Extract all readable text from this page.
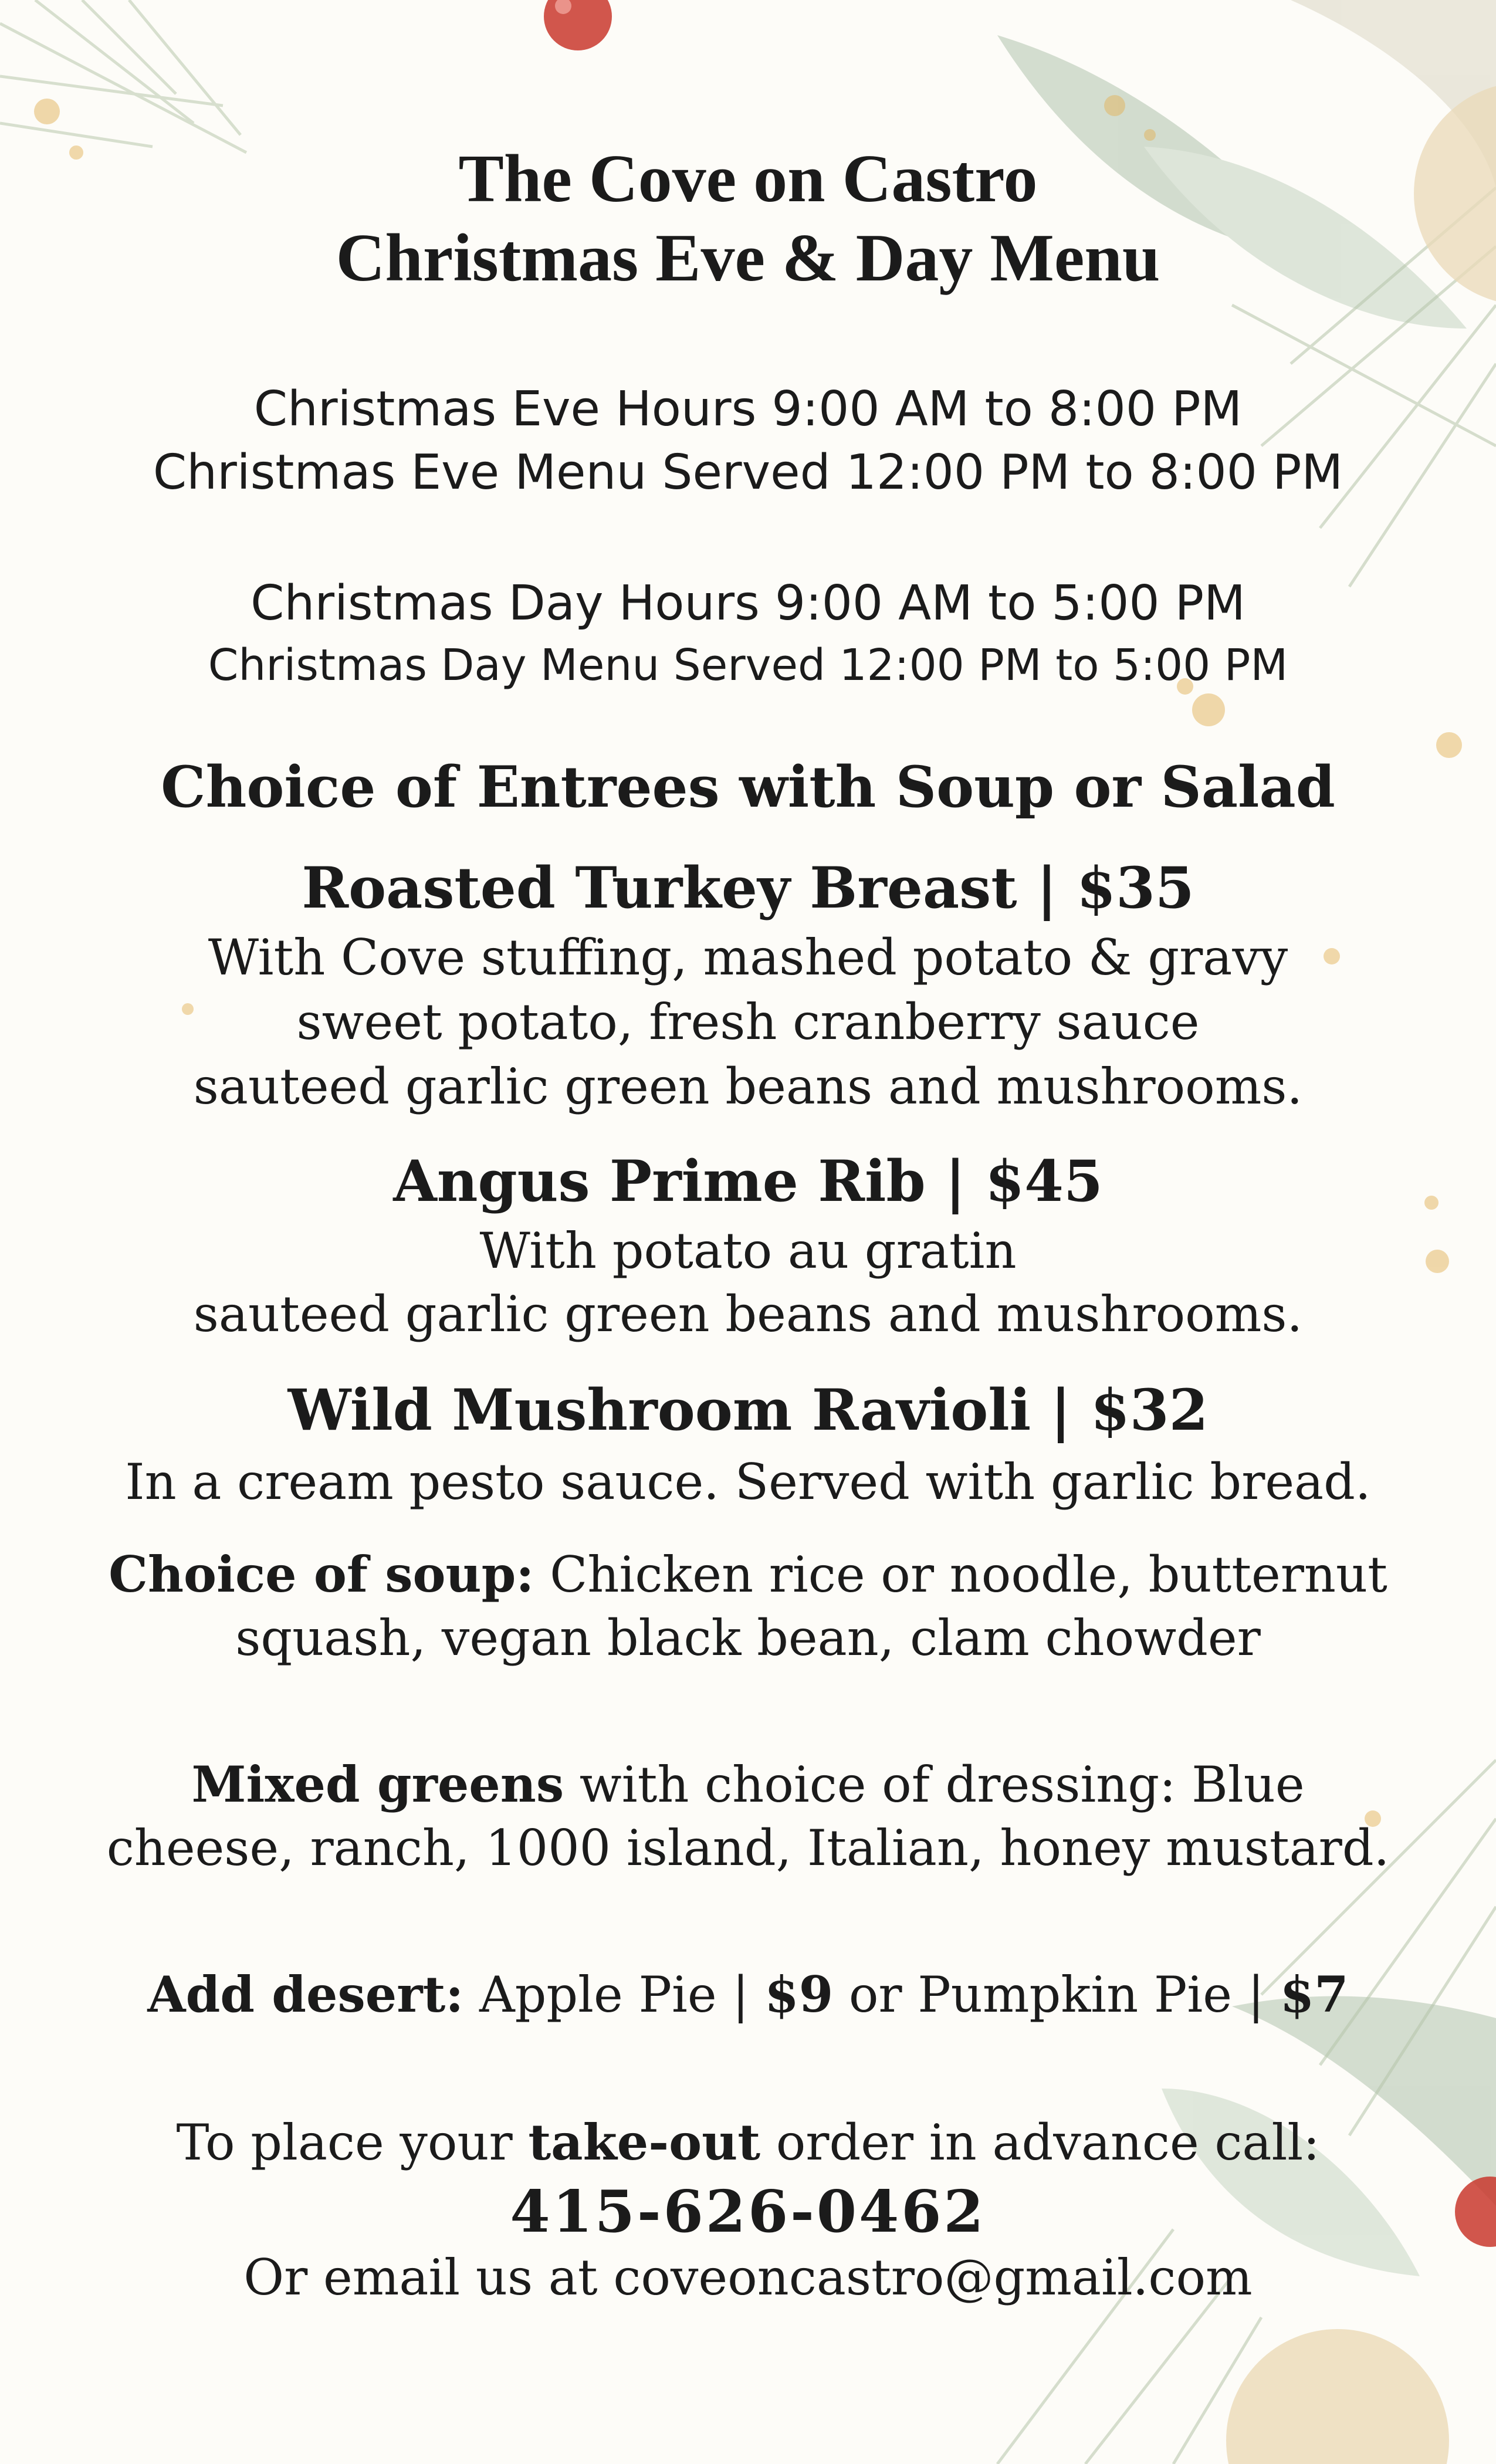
The Cove on Castro
Christmas Eve & Day Menu
Christmas Eve Hours 9:00 AM to 8:00 PM
Christmas Eve Menu Served 12:00 PM to 8:00 PM
Christmas Day Hours 9:00 AM to 5:00 PM
Christmas Day Menu Served 12:00 PM to 5:00 PM
Choice of Entrees with Soup or Salad
Roasted Turkey Breast | $35
With Cove stuffing, mashed potato & gravy
sweet potato, fresh cranberry sauce
sauteed garlic green beans and mushrooms.
Angus Prime Rib | $45
With potato au gratin
sauteed garlic green beans and mushrooms.
Wild Mushroom Ravioli | $32
In a cream pesto sauce. Served with garlic bread.
Choice of soup: Chicken rice or noodle, butternut
squash, vegan black bean, clam chowder
Mixed greens with choice of dressing: Blue
cheese, ranch, 1000 island, Italian, honey mustard.
Add desert: Apple Pie | $9 or Pumpkin Pie | $7
To place your take-out order in advance call:
415-626-0462
Or email us at coveoncastro@gmail.com
